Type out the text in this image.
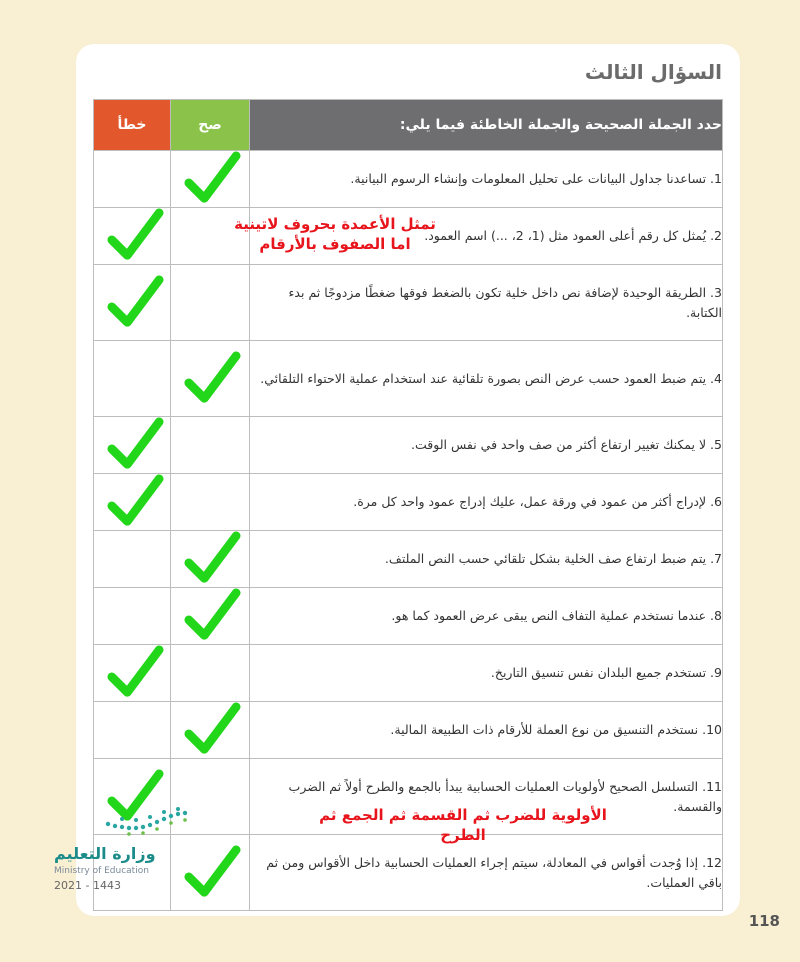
السؤال الثالث
حدد الجملة الصحيحة والجملة الخاطئة فيما يلي:	صح	خطأ
1. تساعدنا جداول البيانات على تحليل المعلومات وإنشاء الرسوم البيانية.	

2. يُمثل كل رقم أعلى العمود مثل (1، 2، ...) اسم العمود.		

3. الطريقة الوحيدة لإضافة نص داخل خلية تكون بالضغط فوقها ضغطًا مزدوجًا ثم بدء الكتابة.		

4. يتم ضبط العمود حسب عرض النص بصورة تلقائية عند استخدام عملية الاحتواء التلقائي.	

5. لا يمكنك تغيير ارتفاع أكثر من صف واحد في نفس الوقت.		

6. لإدراج أكثر من عمود في ورقة عمل، عليك إدراج عمود واحد كل مرة.		

7. يتم ضبط ارتفاع صف الخلية بشكل تلقائي حسب النص الملتف.	

8. عندما نستخدم عملية التفاف النص يبقى عرض العمود كما هو.	

9. تستخدم جميع البلدان نفس تنسيق التاريخ.		

10. نستخدم التنسيق من نوع العملة للأرقام ذات الطبيعة المالية.	

11. التسلسل الصحيح لأولويات العمليات الحسابية يبدأ بالجمع والطرح أولاً ثم الضرب والقسمة.		

12. إذا وُجدت أقواس في المعادلة، سيتم إجراء العمليات الحسابية داخل الأقواس ومن ثم باقي العمليات.	

تمثل الأعمدة بحروف لاتينية
اما الصفوف بالأرقام
الأولوية للضرب ثم القسمة ثم الجمع ثم الطرح
وزارة التعليم
Ministry of Education
2021 - 1443
118
